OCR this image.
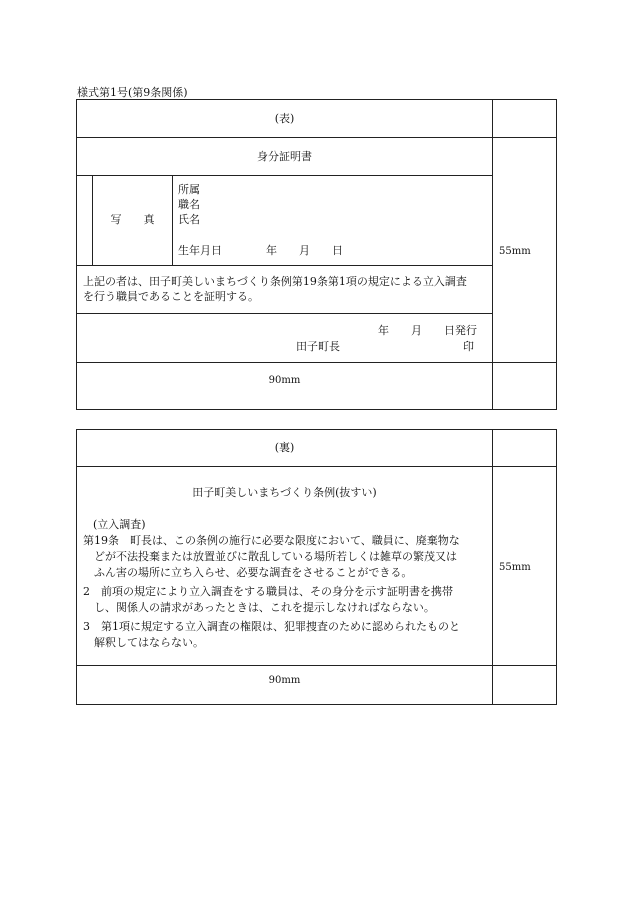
様式第1号(第9条関係)
(表)
55mm
身分証明書
写　　真
所属
職名
氏名
生年月日　　　　年　　月　　日
上記の者は、田子町美しいまちづくり条例第19条第1項の規定による立入調査
を行う職員であることを証明する。
年　　月　　日発行
田子町長	印
90mm
(裏)
55mm
田子町美しいまちづくり条例(抜すい)
(立入調査)
第19条　町長は、この条例の施行に必要な限度において、職員に、廃棄物な
どが不法投棄または放置並びに散乱している場所若しくは雑草の繁茂又は
ふん害の場所に立ち入らせ、必要な調査をさせることができる。
2　前項の規定により立入調査をする職員は、その身分を示す証明書を携帯
し、関係人の請求があったときは、これを提示しなければならない。
3　第1項に規定する立入調査の権限は、犯罪捜査のために認められたものと
解釈してはならない。
90mm
